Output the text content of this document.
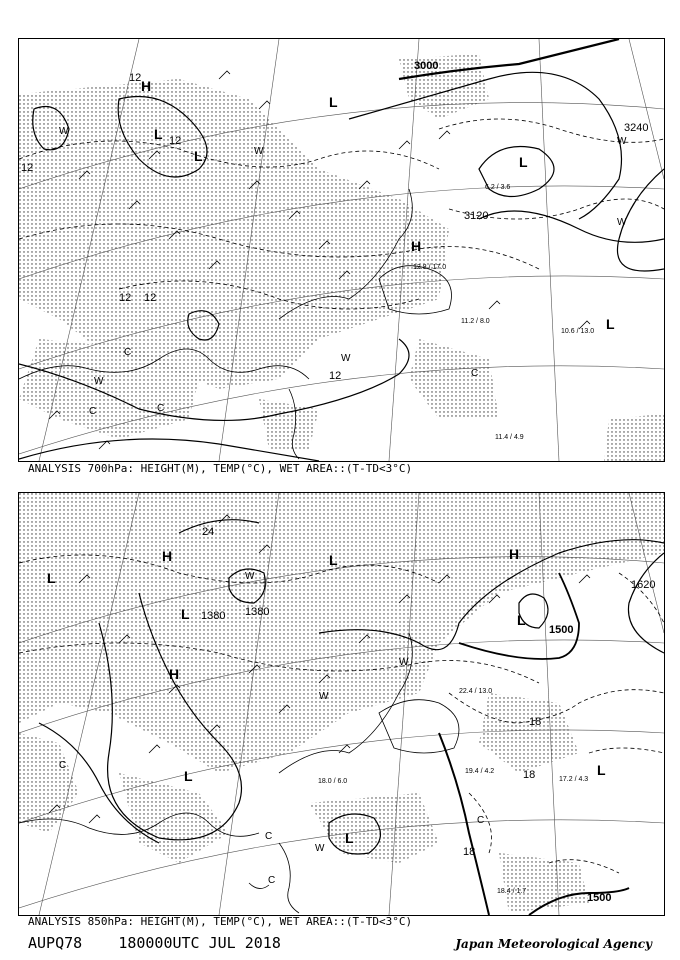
3000
3240
3120
12
12
12
12
12
12
H
L
L
L
H
L
L
W
W
W
W
W
W
C
C	C
C
11.4 / 4.9
10.6 / 13.0
11.2 / 8.0
12.8 / 17.0
6.2 / 3.6
ANALYSIS 700hPa: HEIGHT(M), TEMP(°C), WET AREA::(T-TD<3°C)
1380 1380
1500
1620
1500
24
18
18
18
H
L
L
L
H
L
L
L
L
H
W
W
W
W
C
C
C
C
18.4 / 1.7
17.2 / 4.3
19.4 / 4.2
18.0 / 6.0
22.4 / 13.0
ANALYSIS 850hPa: HEIGHT(M), TEMP(°C), WET AREA::(T-TD<3°C)
AUPQ78 180000UTC JUL 2018	Japan Meteorological Agency
